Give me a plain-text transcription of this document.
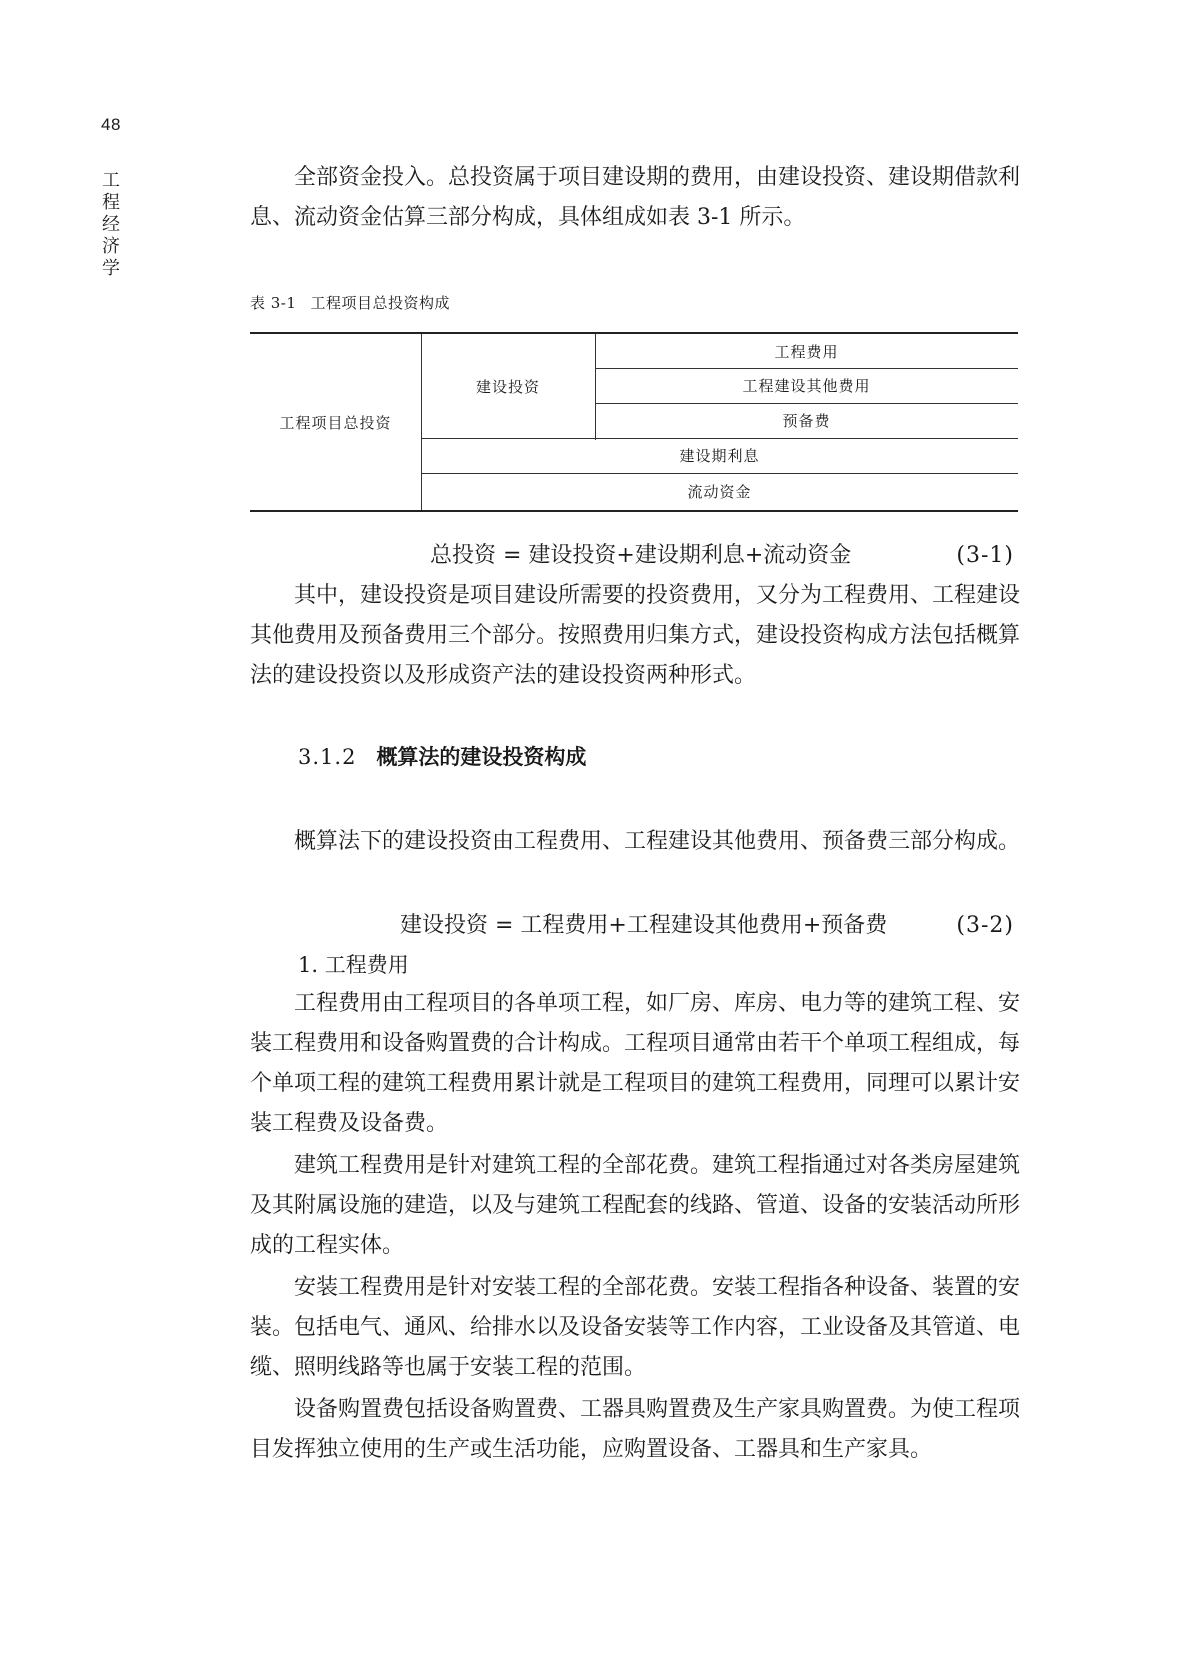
48
工程经济学

全部资金投入。总投资属于项目建设期的费用，由建设投资、建设期借款利息、流动资金估算三部分构成，具体组成如表 3-1 所示。

表 3-1 工程项目总投资构成
工程项目总投资
建设投资
工程费用
工程建设其他费用
预备费
建设期利息
流动资金
总投资 = 建设投资+建设期利息+流动资金	(3-1)

其中，建设投资是项目建设所需要的投资费用，又分为工程费用、工程建设其他费用及预备费用三个部分。按照费用归集方式，建设投资构成方法包括概算法的建设投资以及形成资产法的建设投资两种形式。

3.1.2 概算法的建设投资构成

概算法下的建设投资由工程费用、工程建设其他费用、预备费三部分构成。

建设投资 = 工程费用+工程建设其他费用+预备费	(3-2)
1. 工程费用

工程费用由工程项目的各单项工程，如厂房、库房、电力等的建筑工程、安装工程费用和设备购置费的合计构成。工程项目通常由若干个单项工程组成，每个单项工程的建筑工程费用累计就是工程项目的建筑工程费用，同理可以累计安装工程费及设备费。

建筑工程费用是针对建筑工程的全部花费。建筑工程指通过对各类房屋建筑及其附属设施的建造，以及与建筑工程配套的线路、管道、设备的安装活动所形成的工程实体。

安装工程费用是针对安装工程的全部花费。安装工程指各种设备、装置的安装。包括电气、通风、给排水以及设备安装等工作内容，工业设备及其管道、电缆、照明线路等也属于安装工程的范围。

设备购置费包括设备购置费、工器具购置费及生产家具购置费。为使工程项目发挥独立使用的生产或生活功能，应购置设备、工器具和生产家具。
